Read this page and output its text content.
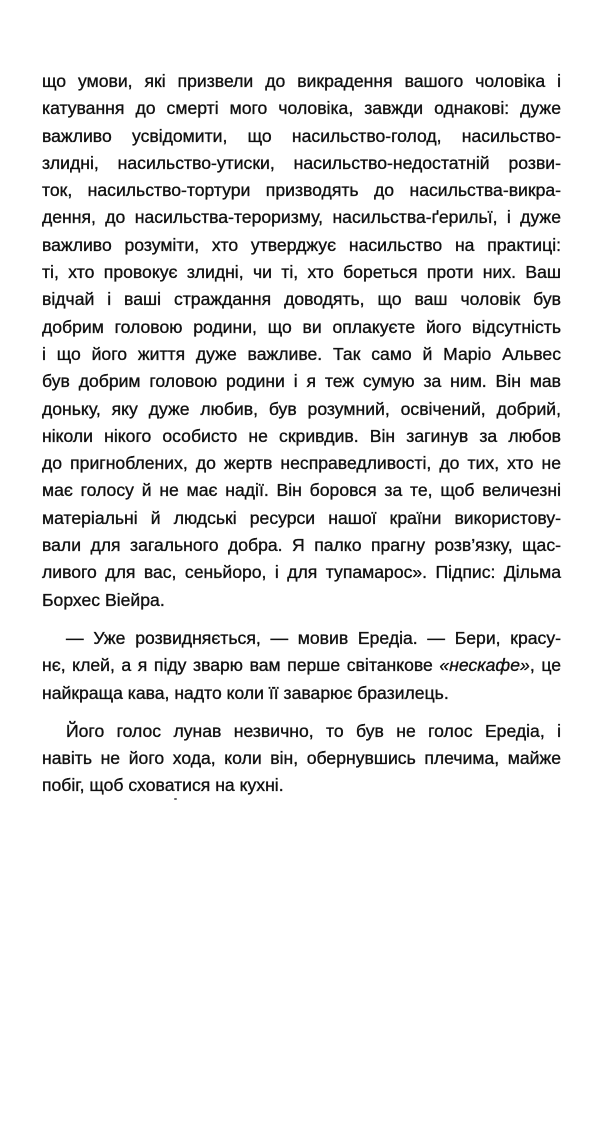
що умови, які призвели до викрадення вашого чоловіка і
катування до смерті мого чоловіка, завжди однакові: дуже
важливо усвідомити, що насильство-голод, насильство-
злидні, насильство-утиски, насильство-недостатній розви-
ток, насильство-тортури призводять до насильства-викра-
дення, до насильства-тероризму, насильства-ґерильї, і дуже
важливо розуміти, хто утверджує насильство на практиці:
ті, хто провокує злидні, чи ті, хто бореться проти них. Ваш
відчай і ваші страждання доводять, що ваш чоловік був
добрим головою родини, що ви оплакуєте його відсутність
і що його життя дуже важливе. Так само й Маріо Альвес
був добрим головою родини і я теж сумую за ним. Він мав
доньку, яку дуже любив, був розумний, освічений, добрий,
ніколи нікого особисто не скривдив. Він загинув за любов
до пригноблених, до жертв несправедливості, до тих, хто не
має голосу й не має надії. Він боровся за те, щоб величезні
матеріальні й людські ресурси нашої країни використову-
вали для загального добра. Я палко прагну розв’язку, щас-
ливого для вас, сеньйоро, і для тупамарос». Підпис: Дільма
Борхес Віейра.
— Уже розвидняється, — мовив Ередіа. — Бери, красу-
нє, клей, а я піду зварю вам перше світанкове «нескафе», це
найкраща кава, надто коли її заварює бразилець.
Його голос лунав незвично, то був не голос Ередіа, і
навіть не його хода, коли він, обернувшись плечима, майже
побіг, щоб сховатися на кухні.
